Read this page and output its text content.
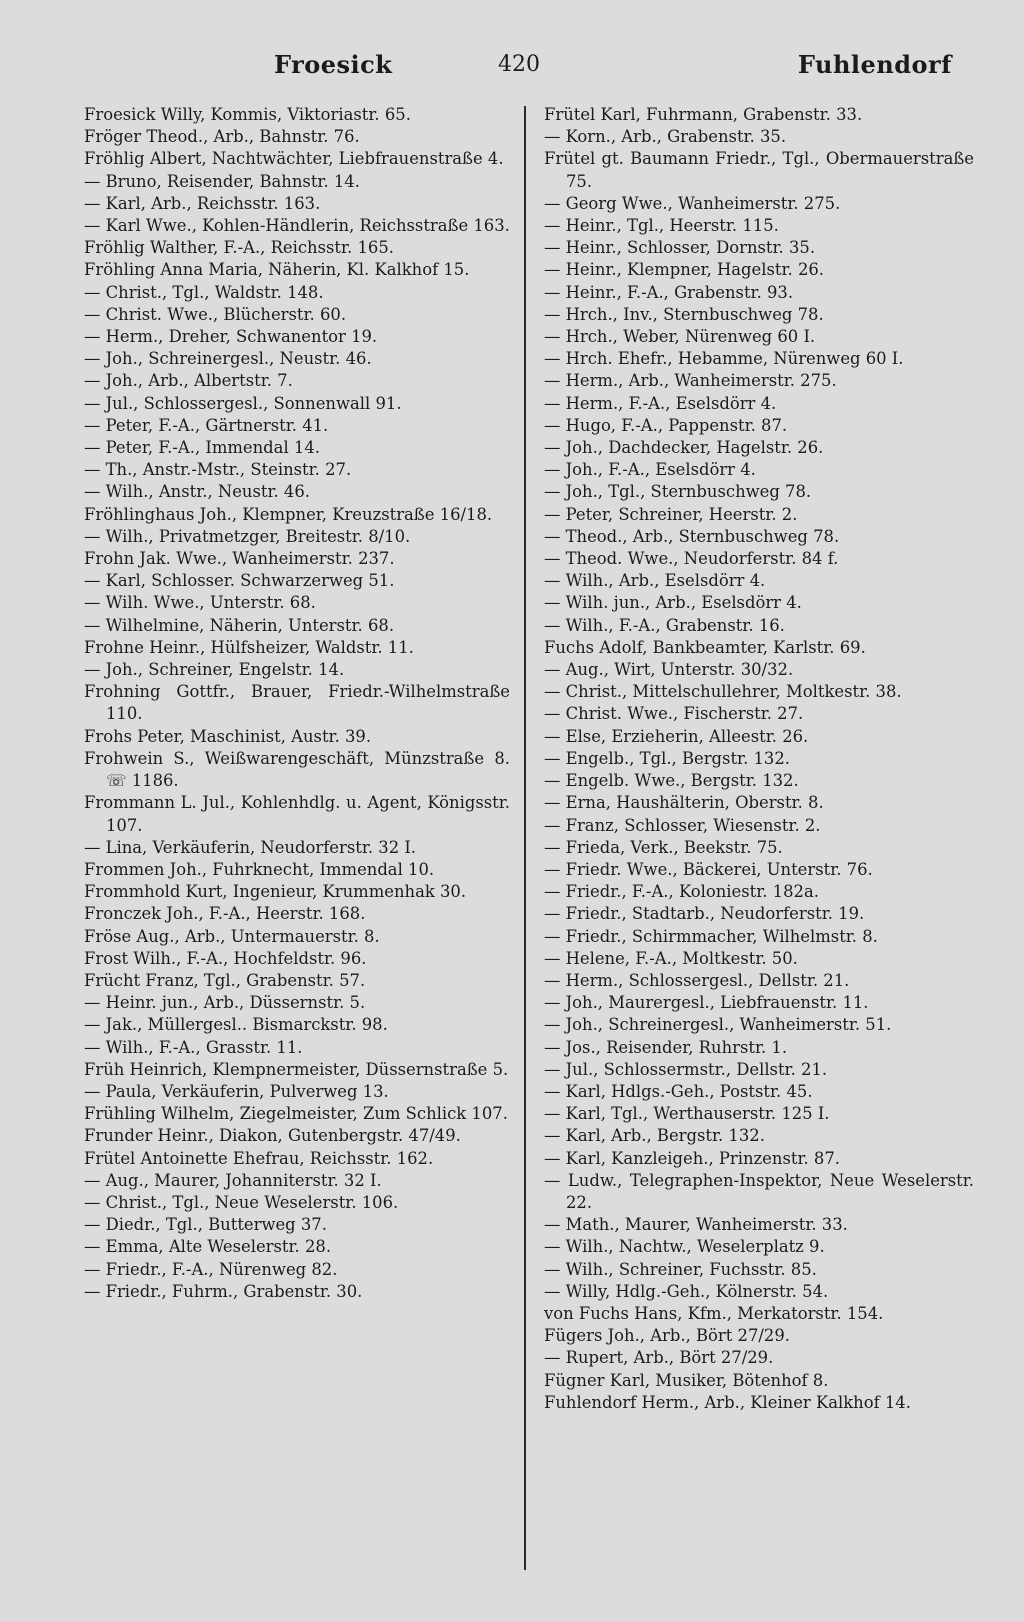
Froesick	420	Fuhlendorf
Froesick Willy, Kommis, Viktoriastr. 65.
Fröger Theod., Arb., Bahnstr. 76.
Fröhlig Albert, Nachtwächter, Liebfrauenstraße 4.
— Bruno, Reisender, Bahnstr. 14.
— Karl, Arb., Reichsstr. 163.
— Karl Wwe., Kohlen-Händlerin, Reichsstraße 163.
Fröhlig Walther, F.-A., Reichsstr. 165.
Fröhling Anna Maria, Näherin, Kl. Kalkhof 15.
— Christ., Tgl., Waldstr. 148.
— Christ. Wwe., Blücherstr. 60.
— Herm., Dreher, Schwanentor 19.
— Joh., Schreinergesl., Neustr. 46.
— Joh., Arb., Albertstr. 7.
— Jul., Schlossergesl., Sonnenwall 91.
— Peter, F.-A., Gärtnerstr. 41.
— Peter, F.-A., Immendal 14.
— Th., Anstr.-Mstr., Steinstr. 27.
— Wilh., Anstr., Neustr. 46.
Fröhlinghaus Joh., Klempner, Kreuzstraße 16/18.
— Wilh., Privatmetzger, Breitestr. 8/10.
Frohn Jak. Wwe., Wanheimerstr. 237.
— Karl, Schlosser. Schwarzerweg 51.
— Wilh. Wwe., Unterstr. 68.
— Wilhelmine, Näherin, Unterstr. 68.
Frohne Heinr., Hülfsheizer, Waldstr. 11.
— Joh., Schreiner, Engelstr. 14.
Frohning Gottfr., Brauer, Friedr.-Wilhelmstraße 110.
Frohs Peter, Maschinist, Austr. 39.
Frohwein S., Weißwarengeschäft, Münzstraße 8. ☏ 1186.
Frommann L. Jul., Kohlenhdlg. u. Agent, Königsstr. 107.
— Lina, Verkäuferin, Neudorferstr. 32 I.
Frommen Joh., Fuhrknecht, Immendal 10.
Frommhold Kurt, Ingenieur, Krummenhak 30.
Fronczek Joh., F.-A., Heerstr. 168.
Fröse Aug., Arb., Untermauerstr. 8.
Frost Wilh., F.-A., Hochfeldstr. 96.
Frücht Franz, Tgl., Grabenstr. 57.
— Heinr. jun., Arb., Düssernstr. 5.
— Jak., Müllergesl.. Bismarckstr. 98.
— Wilh., F.-A., Grasstr. 11.
Früh Heinrich, Klempnermeister, Düssernstraße 5.
— Paula, Verkäuferin, Pulverweg 13.
Frühling Wilhelm, Ziegelmeister, Zum Schlick 107.
Frunder Heinr., Diakon, Gutenbergstr. 47/49.
Frütel Antoinette Ehefrau, Reichsstr. 162.
— Aug., Maurer, Johanniterstr. 32 I.
— Christ., Tgl., Neue Weselerstr. 106.
— Diedr., Tgl., Butterweg 37.
— Emma, Alte Weselerstr. 28.
— Friedr., F.-A., Nürenweg 82.
— Friedr., Fuhrm., Grabenstr. 30.
Frütel Karl, Fuhrmann, Grabenstr. 33.
— Korn., Arb., Grabenstr. 35.
Frütel gt. Baumann Friedr., Tgl., Obermauerstraße 75.
— Georg Wwe., Wanheimerstr. 275.
— Heinr., Tgl., Heerstr. 115.
— Heinr., Schlosser, Dornstr. 35.
— Heinr., Klempner, Hagelstr. 26.
— Heinr., F.-A., Grabenstr. 93.
— Hrch., Inv., Sternbuschweg 78.
— Hrch., Weber, Nürenweg 60 I.
— Hrch. Ehefr., Hebamme, Nürenweg 60 I.
— Herm., Arb., Wanheimerstr. 275.
— Herm., F.-A., Eselsdörr 4.
— Hugo, F.-A., Pappenstr. 87.
— Joh., Dachdecker, Hagelstr. 26.
— Joh., F.-A., Eselsdörr 4.
— Joh., Tgl., Sternbuschweg 78.
— Peter, Schreiner, Heerstr. 2.
— Theod., Arb., Sternbuschweg 78.
— Theod. Wwe., Neudorferstr. 84 f.
— Wilh., Arb., Eselsdörr 4.
— Wilh. jun., Arb., Eselsdörr 4.
— Wilh., F.-A., Grabenstr. 16.
Fuchs Adolf, Bankbeamter, Karlstr. 69.
— Aug., Wirt, Unterstr. 30/32.
— Christ., Mittelschullehrer, Moltkestr. 38.
— Christ. Wwe., Fischerstr. 27.
— Else, Erzieherin, Alleestr. 26.
— Engelb., Tgl., Bergstr. 132.
— Engelb. Wwe., Bergstr. 132.
— Erna, Haushälterin, Oberstr. 8.
— Franz, Schlosser, Wiesenstr. 2.
— Frieda, Verk., Beekstr. 75.
— Friedr. Wwe., Bäckerei, Unterstr. 76.
— Friedr., F.-A., Koloniestr. 182a.
— Friedr., Stadtarb., Neudorferstr. 19.
— Friedr., Schirmmacher, Wilhelmstr. 8.
— Helene, F.-A., Moltkestr. 50.
— Herm., Schlossergesl., Dellstr. 21.
— Joh., Maurergesl., Liebfrauenstr. 11.
— Joh., Schreinergesl., Wanheimerstr. 51.
— Jos., Reisender, Ruhrstr. 1.
— Jul., Schlossermstr., Dellstr. 21.
— Karl, Hdlgs.-Geh., Poststr. 45.
— Karl, Tgl., Werthauserstr. 125 I.
— Karl, Arb., Bergstr. 132.
— Karl, Kanzleigeh., Prinzenstr. 87.
— Ludw., Telegraphen-Inspektor, Neue Weselerstr. 22.
— Math., Maurer, Wanheimerstr. 33.
— Wilh., Nachtw., Weselerplatz 9.
— Wilh., Schreiner, Fuchsstr. 85.
— Willy, Hdlg.-Geh., Kölnerstr. 54.
von Fuchs Hans, Kfm., Merkatorstr. 154.
Fügers Joh., Arb., Bört 27/29.
— Rupert, Arb., Bört 27/29.
Fügner Karl, Musiker, Bötenhof 8.
Fuhlendorf Herm., Arb., Kleiner Kalkhof 14.
